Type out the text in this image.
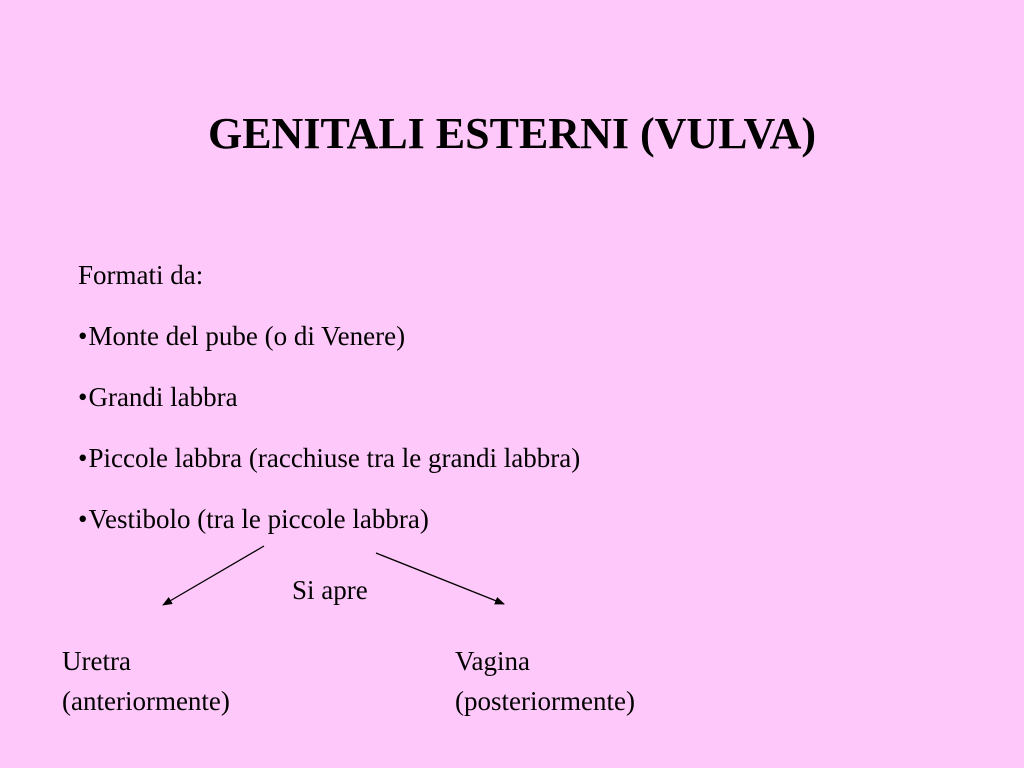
GENITALI ESTERNI (VULVA)
Formati da:
•Monte del pube (o di Venere)
•Grandi labbra
•Piccole labbra (racchiuse tra le grandi labbra)
•Vestibolo (tra le piccole labbra)
Si apre
Uretra
(anteriormente)
Vagina
(posteriormente)
